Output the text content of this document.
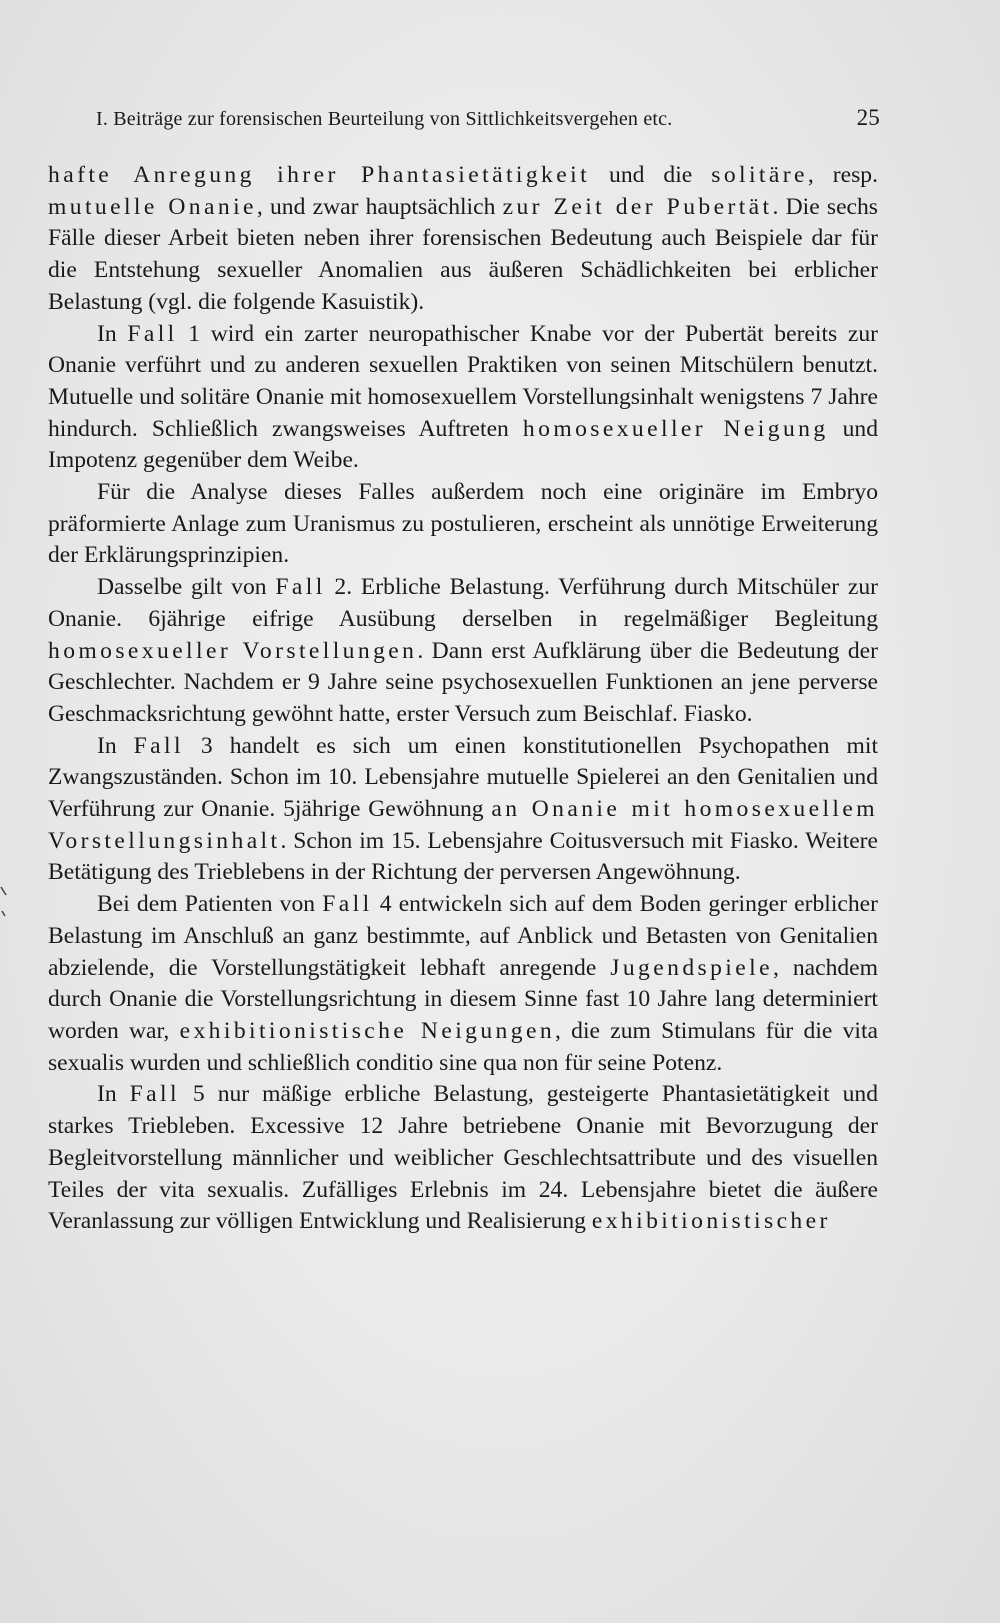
I. Beiträge zur forensischen Beurteilung von Sittlichkeitsvergehen etc.	25

hafte Anregung ihrer Phantasietätigkeit und die solitäre, resp. mutuelle Onanie, und zwar hauptsächlich zur Zeit der Pubertät. Die sechs Fälle dieser Arbeit bieten neben ihrer forensischen Bedeutung auch Beispiele dar für die Entstehung sexueller Anomalien aus äußeren Schädlichkeiten bei erblicher Belastung (vgl. die folgende Kasuistik).

In Fall 1 wird ein zarter neuropathischer Knabe vor der Pubertät bereits zur Onanie verführt und zu anderen sexuellen Praktiken von seinen Mitschülern benutzt. Mutuelle und solitäre Onanie mit homosexuellem Vorstellungsinhalt wenigstens 7 Jahre hindurch. Schließlich zwangsweises Auftreten homosexueller Neigung und Impotenz gegenüber dem Weibe.

Für die Analyse dieses Falles außerdem noch eine originäre im Embryo präformierte Anlage zum Uranismus zu postulieren, erscheint als unnötige Erweiterung der Erklärungsprinzipien.

Dasselbe gilt von Fall 2. Erbliche Belastung. Verführung durch Mitschüler zur Onanie. 6jährige eifrige Ausübung derselben in regelmäßiger Begleitung homosexueller Vorstellungen. Dann erst Aufklärung über die Bedeutung der Geschlechter. Nachdem er 9 Jahre seine psychosexuellen Funktionen an jene perverse Geschmacksrichtung gewöhnt hatte, erster Versuch zum Beischlaf. Fiasko.

In Fall 3 handelt es sich um einen konstitutionellen Psychopathen mit Zwangszuständen. Schon im 10. Lebensjahre mutuelle Spielerei an den Genitalien und Verführung zur Onanie. 5jährige Gewöhnung an Onanie mit homosexuellem Vorstellungsinhalt. Schon im 15. Lebensjahre Coitusversuch mit Fiasko. Weitere Betätigung des Trieblebens in der Richtung der perversen Angewöhnung.

Bei dem Patienten von Fall 4 entwickeln sich auf dem Boden geringer erblicher Belastung im Anschluß an ganz bestimmte, auf Anblick und Betasten von Genitalien abzielende, die Vorstellungstätigkeit lebhaft anregende Jugendspiele, nachdem durch Onanie die Vorstellungsrichtung in diesem Sinne fast 10 Jahre lang determiniert worden war, exhibitionistische Neigungen, die zum Stimulans für die vita sexualis wurden und schließlich conditio sine qua non für seine Potenz.

In Fall 5 nur mäßige erbliche Belastung, gesteigerte Phantasietätigkeit und starkes Triebleben. Excessive 12 Jahre betriebene Onanie mit Bevorzugung der Begleitvorstellung männlicher und weiblicher Geschlechtsattribute und des visuellen Teiles der vita sexualis. Zufälliges Erlebnis im 24. Lebensjahre bietet die äußere Veranlassung zur völligen Entwicklung und Realisierung exhibitionistischer
